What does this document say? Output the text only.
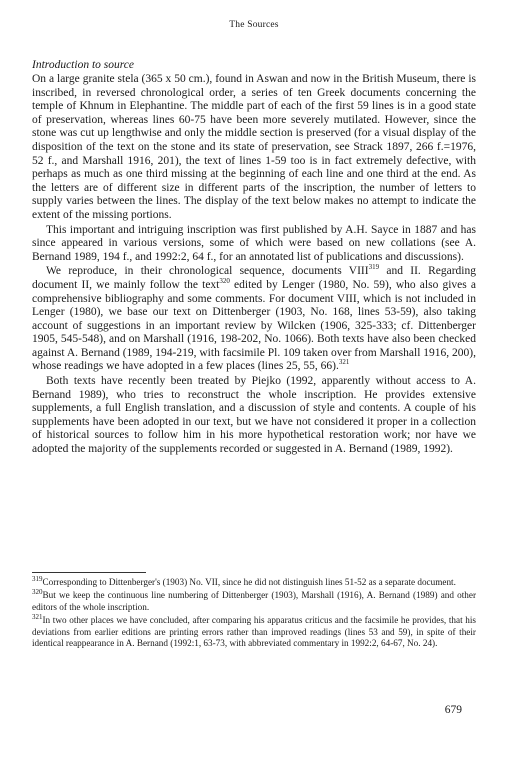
The Sources
Introduction to source

On a large granite stela (365 x 50 cm.), found in Aswan and now in the British Museum, there is inscribed, in reversed chronological order, a series of ten Greek documents concerning the temple of Khnum in Elephantine. The middle part of each of the first 59 lines is in a good state of preservation, whereas lines 60-75 have been more severely mutilated. However, since the stone was cut up lengthwise and only the middle section is preserved (for a visual display of the disposition of the text on the stone and its state of preservation, see Strack 1897, 266 f.=1976, 52 f., and Marshall 1916, 201), the text of lines 1-59 too is in fact extremely defective, with perhaps as much as one third missing at the beginning of each line and one third at the end. As the letters are of different size in different parts of the inscription, the number of letters to supply varies between the lines. The display of the text below makes no attempt to indicate the extent of the missing portions.

This important and intriguing inscription was first published by A.H. Sayce in 1887 and has since appeared in various versions, some of which were based on new collations (see A. Bernand 1989, 194 f., and 1992:2, 64 f., for an annotated list of publications and discussions).

We reproduce, in their chronological sequence, documents VIII$^{319}$ and II. Regarding document II, we mainly follow the text$^{320}$ edited by Lenger (1980, No. 59), who also gives a comprehensive bibliography and some comments. For document VIII, which is not included in Lenger (1980), we base our text on Dittenberger (1903, No. 168, lines 53-59), also taking account of suggestions in an important review by Wilcken (1906, 325-333; cf. Dittenberger 1905, 545-548), and on Marshall (1916, 198-202, No. 1066). Both texts have also been checked against A. Bernand (1989, 194-219, with facsimile Pl. 109 taken over from Marshall 1916, 200), whose readings we have adopted in a few places (lines 25, 55, 66).$^{321}$

Both texts have recently been treated by Piejko (1992, apparently without access to A. Bernand 1989), who tries to reconstruct the whole inscription. He provides extensive supplements, a full English translation, and a discussion of style and contents. A couple of his supplements have been adopted in our text, but we have not considered it proper in a collection of historical sources to follow him in his more hypothetical restoration work; nor have we adopted the majority of the supplements recorded or suggested in A. Bernand (1989, 1992).

$^{319}$Corresponding to Dittenberger's (1903) No. VII, since he did not distinguish lines 51-52 as a separate document.

$^{320}$But we keep the continuous line numbering of Dittenberger (1903), Marshall (1916), A. Bernand (1989) and other editors of the whole inscription.

$^{321}$In two other places we have concluded, after comparing his apparatus criticus and the facsimile he provides, that his deviations from earlier editions are printing errors rather than improved readings (lines 53 and 59), in spite of their identical reappearance in A. Bernand (1992:1, 63-73, with abbreviated commentary in 1992:2, 64-67, No. 24).

679
